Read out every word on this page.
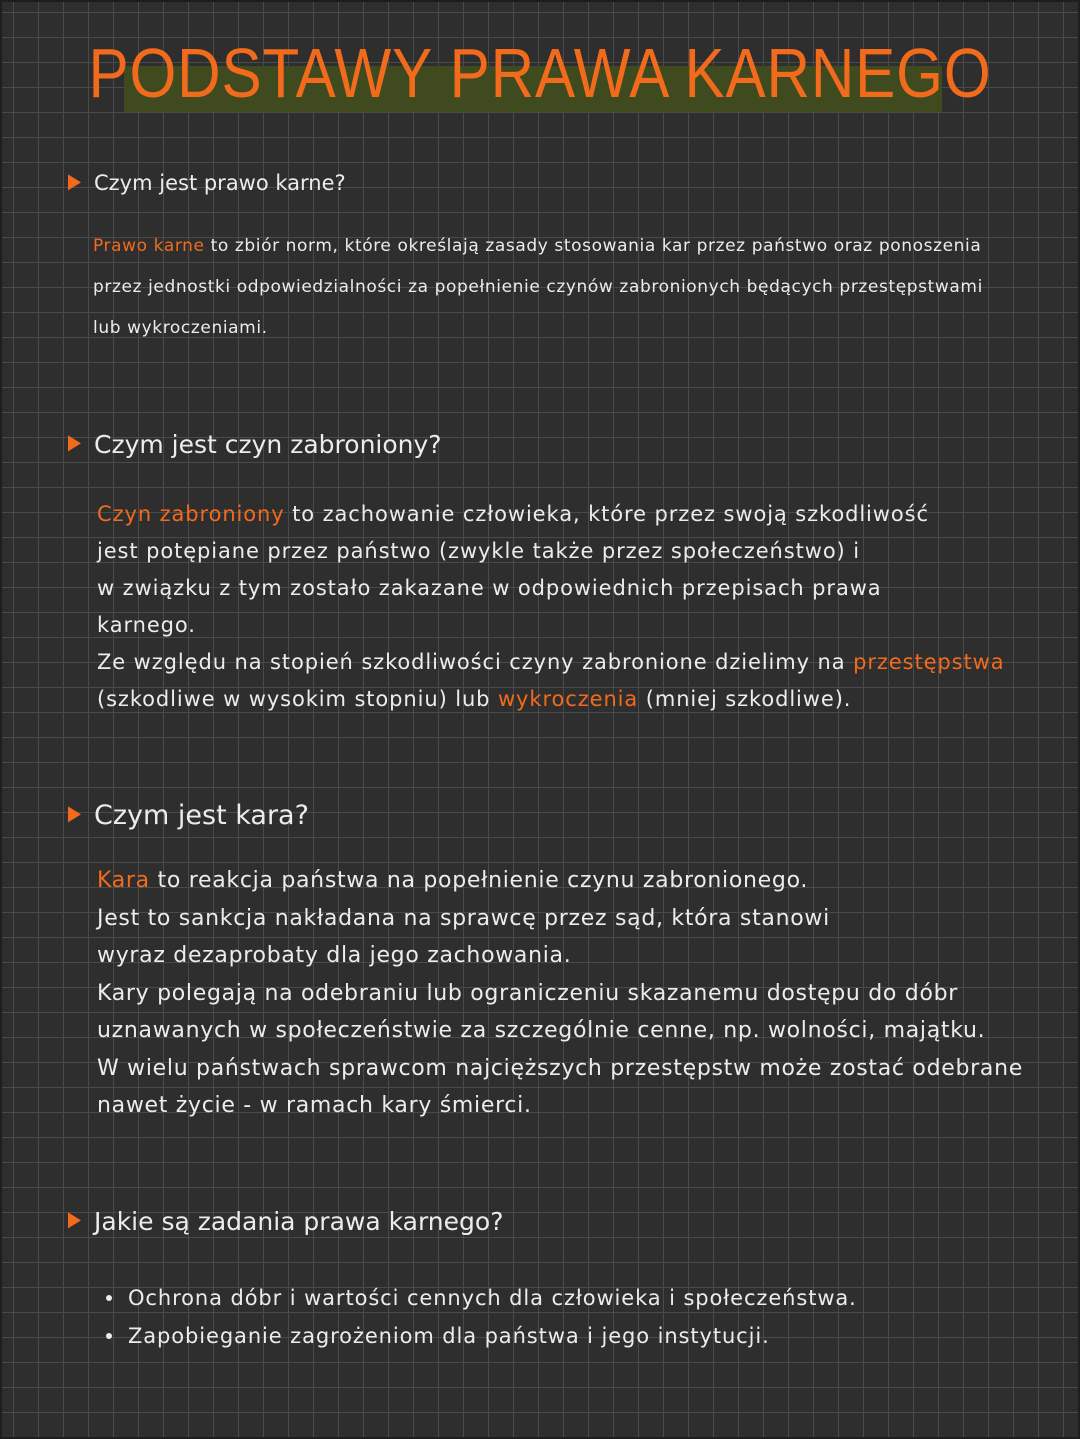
PODSTAWY PRAWA KARNEGO
Czym jest prawo karne?

Prawo karne to zbiór norm, które określają zasady stosowania kar przez państwo oraz ponoszenia

przez jednostki odpowiedzialności za popełnienie czynów zabronionych będących przestępstwami

lub wykroczeniami.

Czym jest czyn zabroniony?

Czyn zabroniony to zachowanie człowieka, które przez swoją szkodliwość

jest potępiane przez państwo (zwykle także przez społeczeństwo) i

w związku z tym zostało zakazane w odpowiednich przepisach prawa

karnego.

Ze względu na stopień szkodliwości czyny zabronione dzielimy na przestępstwa

(szkodliwe w wysokim stopniu) lub wykroczenia (mniej szkodliwe).

Czym jest kara?

Kara to reakcja państwa na popełnienie czynu zabronionego.

Jest to sankcja nakładana na sprawcę przez sąd, która stanowi

wyraz dezaprobaty dla jego zachowania.

Kary polegają na odebraniu lub ograniczeniu skazanemu dostępu do dóbr

uznawanych w społeczeństwie za szczególnie cenne, np. wolności, majątku.

W wielu państwach sprawcom najcięższych przestępstw może zostać odebrane

nawet życie - w ramach kary śmierci.

Jakie są zadania prawa karnego?
Ochrona dóbr i wartości cennych dla człowieka i społeczeństwa.
Zapobieganie zagrożeniom dla państwa i jego instytucji.
